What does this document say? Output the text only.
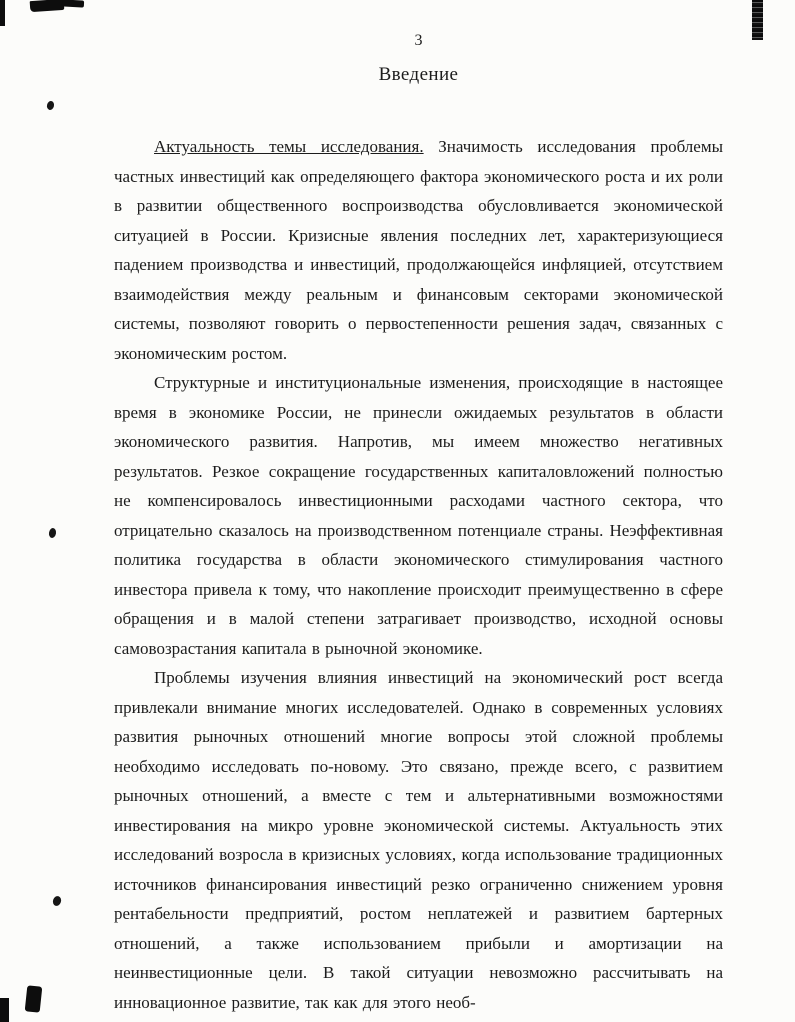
3
Введение

Актуальность темы исследования. Значимость исследования проблемы частных инвестиций как определяющего фактора экономического роста и их роли в развитии общественного воспроизводства обусловливается экономической ситуацией в России. Кризисные явления последних лет, характеризующиеся падением производства и инвестиций, продолжающейся инфляцией, отсутствием взаимодействия между реальным и финансовым секторами экономической системы, позволяют говорить о первостепенности решения задач, связанных с экономическим ростом.

Структурные и институциональные изменения, происходящие в настоящее время в экономике России, не принесли ожидаемых результатов в области экономического развития. Напротив, мы имеем множество негативных результатов. Резкое сокращение государственных капиталовложений полностью не компенсировалось инвестиционными расходами частного сектора, что отрицательно сказалось на производственном потенциале страны. Неэффективная политика государства в области экономического стимулирования частного инвестора привела к тому, что накопление происходит преимущественно в сфере обращения и в малой степени затрагивает производство, исходной основы самовозрастания капитала в рыночной экономике.

Проблемы изучения влияния инвестиций на экономический рост всегда привлекали внимание многих исследователей. Однако в современных условиях развития рыночных отношений многие вопросы этой сложной проблемы необходимо исследовать по-новому. Это связано, прежде всего, с развитием рыночных отношений, а вместе с тем и альтернативными возможностями инвестирования на микро уровне экономической системы. Актуальность этих исследований возросла в кризисных условиях, когда использование традиционных источников финансирования инвестиций резко ограниченно снижением уровня рентабельности предприятий, ростом неплатежей и развитием бартерных отношений, а также использованием прибыли и амортизации на неинвестиционные цели. В такой ситуации невозможно рассчитывать на инновационное развитие, так как для этого необ-
